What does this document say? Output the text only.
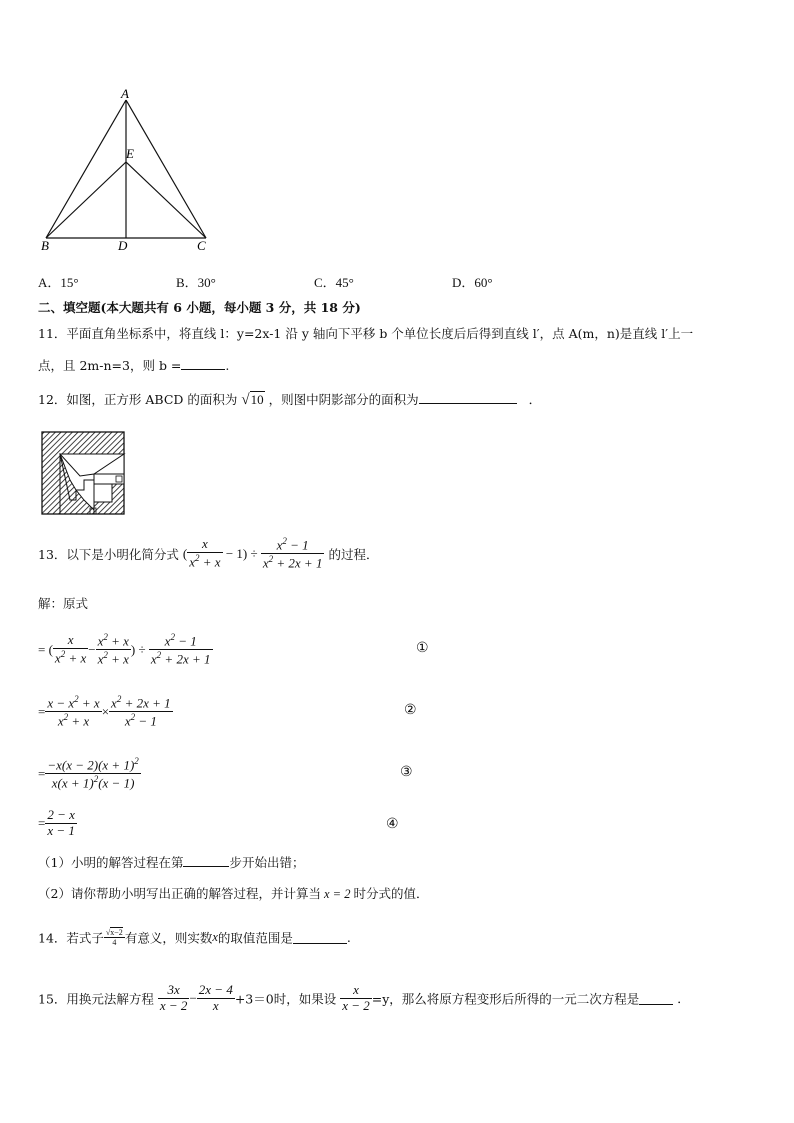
A
E
B	D	C
A．15°	B．30°	C．45°	D．60°
二、填空题(本大题共有 6 小题，每小题 3 分，共 18 分)
11．平面直角坐标系中，将直线 l：y=2x-1 沿 y 轴向下平移 b 个单位长度后后得到直线 l′，点 A(m，n)是直线 l′上一
点，且 2m-n=3，则 b =	.
12．如图，正方形 ABCD 的面积为 √10 ，则图中阴影部分的面积为	．
13．以下是小明化简分式 ( $\frac{x}{x^2 + x} - 1) \div \frac{x^2 - 1}{x^2 + 2x + 1}$ 的过程．
解：原式
= ( $\frac{x}{x^2 + x} - \frac{x^2 + x}{x^2 + x}$ ) ÷ $\frac{x^2 - 1}{x^2 + 2x + 1}$	①
= $\frac{x - x^2 + x}{x^2 + x} \times \frac{x^2 + 2x + 1}{x^2 - 1}$	②
= $\frac{-x(x - 2)(x + 1)^2}{x(x + 1)^2(x - 1)}$	③
= $\frac{2 - x}{x - 1}$	④
（1）小明的解答过程在第	步开始出错；
（2）请你帮助小明写出正确的解答过程，并计算当 x = 2 时分式的值．
14．若式子 $\frac{√x-2}{4}$ 有意义，则实数x的取值范围是	.
15．用换元法解方程 $\frac{3x}{x - 2} - \frac{2x - 4}{x} +3=0$时，如果设 $\frac{x}{x - 2} =y$，那么将原方程变形后所得的一元二次方程是	．
